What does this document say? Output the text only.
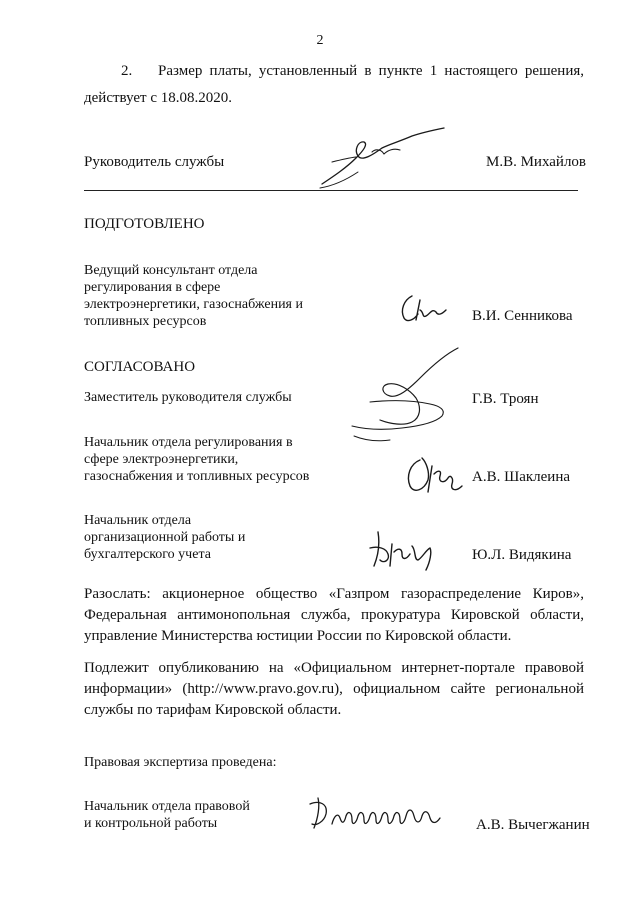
2
2. Размер платы, установленный в пункте 1 настоящего решения,
действует с 18.08.2020.
Руководитель службы	М.В. Михайлов
ПОДГОТОВЛЕНО
Ведущий консультант отдела
регулирования в сфере
электроэнергетики, газоснабжения и
топливных ресурсов	В.И. Сенникова
СОГЛАСОВАНО
Заместитель руководителя службы	Г.В. Троян
Начальник отдела регулирования в
сфере электроэнергетики,
газоснабжения и топливных ресурсов	А.В. Шаклеина
Начальник отдела
организационной работы и
бухгалтерского учета	Ю.Л. Видякина
Разослать: акционерное общество «Газпром газораспределение Киров», Федеральная антимонопольная служба, прокуратура Кировской области, управление Министерства юстиции России по Кировской области.
Подлежит опубликованию на «Официальном интернет-портале правовой информации» (http://www.pravo.gov.ru), официальном сайте региональной службы по тарифам Кировской области.
Правовая экспертиза проведена:
Начальник отдела правовой
и контрольной работы	А.В. Вычегжанин
